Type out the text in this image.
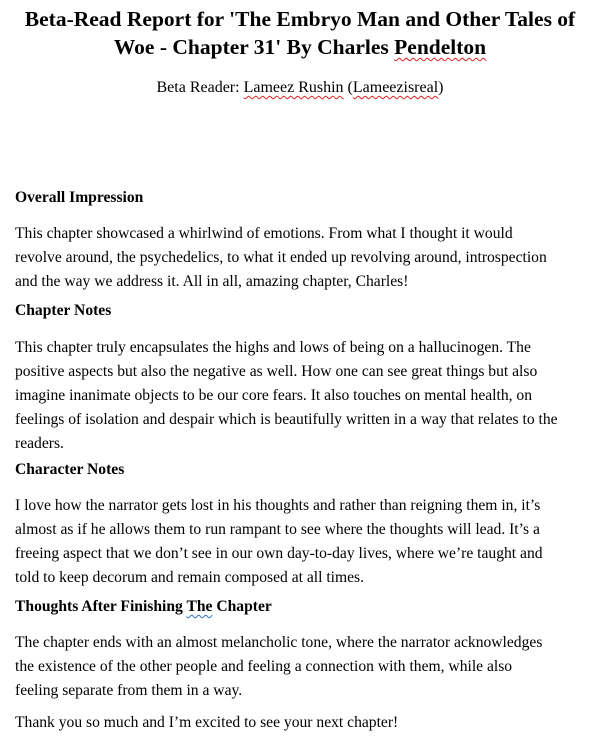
Beta-Read Report for 'The Embryo Man and Other Tales of
Woe - Chapter 31' By Charles Pendelton
Beta Reader: Lameez Rushin (Lameezisreal)
Overall Impression

This chapter showcased a whirlwind of emotions. From what I thought it would
revolve around, the psychedelics, to what it ended up revolving around, introspection
and the way we address it. All in all, amazing chapter, Charles!

Chapter Notes

This chapter truly encapsulates the highs and lows of being on a hallucinogen. The
positive aspects but also the negative as well. How one can see great things but also
imagine inanimate objects to be our core fears. It also touches on mental health, on
feelings of isolation and despair which is beautifully written in a way that relates to the
readers.

Character Notes

I love how the narrator gets lost in his thoughts and rather than reigning them in, it’s
almost as if he allows them to run rampant to see where the thoughts will lead. It’s a
freeing aspect that we don’t see in our own day-to-day lives, where we’re taught and
told to keep decorum and remain composed at all times.

Thoughts After Finishing The Chapter

The chapter ends with an almost melancholic tone, where the narrator acknowledges
the existence of the other people and feeling a connection with them, while also
feeling separate from them in a way.

Thank you so much and I’m excited to see your next chapter!
